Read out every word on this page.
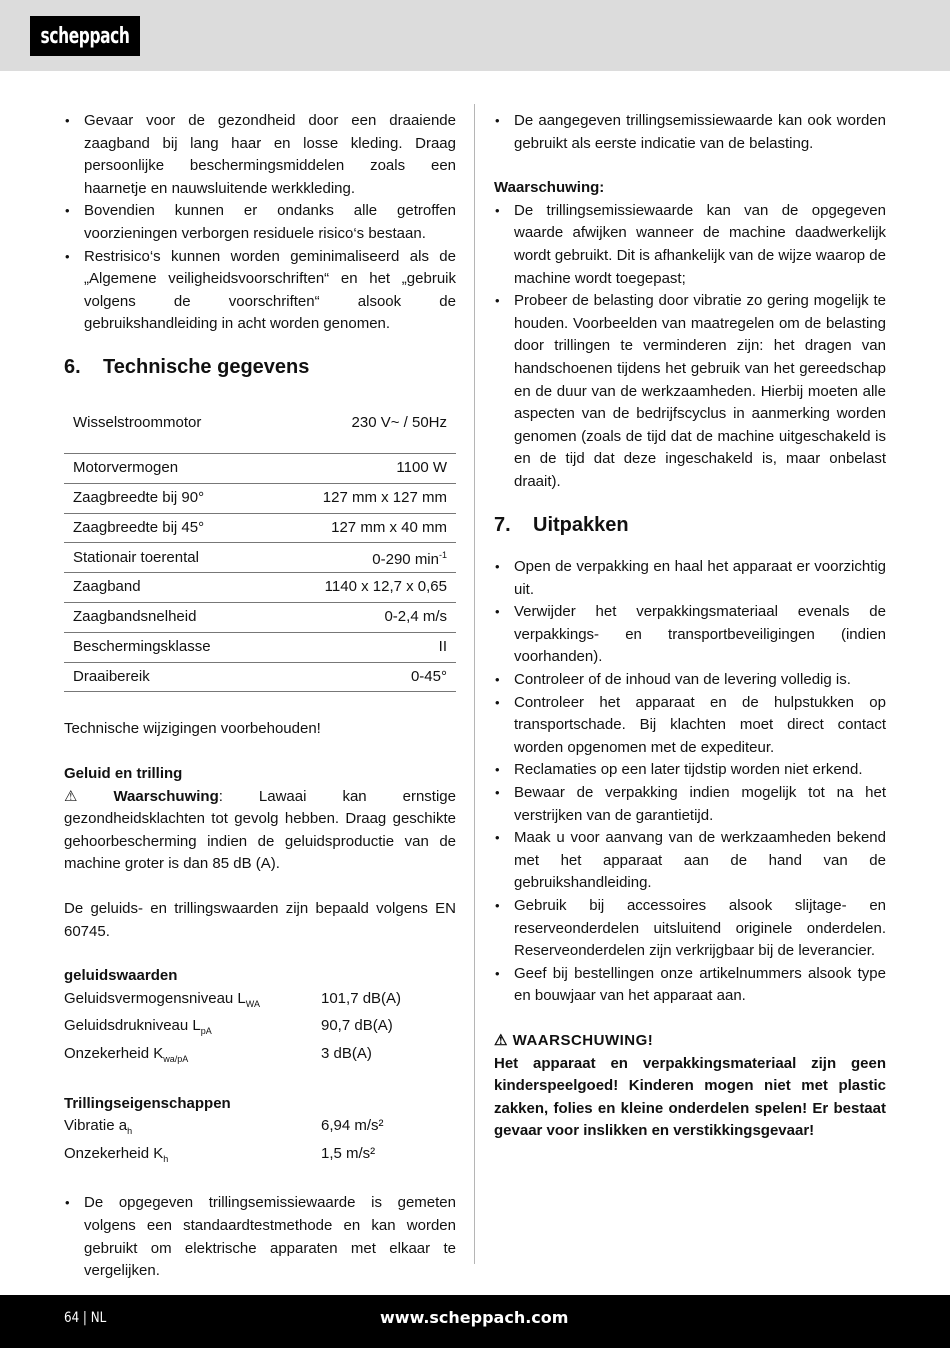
scheppach
• Gevaar voor de gezondheid door een draaiende zaagband bij lang haar en losse kleding. Draag persoonlijke beschermingsmiddelen zoals een haarnetje en nauwsluitende werkkleding.
• Bovendien kunnen er ondanks alle getroffen voorzieningen verborgen residuele risico‘s bestaan.
• Restrisico‘s kunnen worden geminimaliseerd als de „Algemene veiligheidsvoorschriften“ en het „gebruik volgens de voorschriften“ alsook de gebruikshandleiding in acht worden genomen.
6.	Technische gegevens
Wisselstroommotor	230 V~ / 50Hz
Motorvermogen	1100 W
Zaagbreedte bij 90°	127 mm x 127 mm
Zaagbreedte bij 45°	127 mm x 40 mm
Stationair toerental	0-290 $\min^{-1}$
Zaagband	1140 x 12,7 x 0,65
Zaagbandsnelheid	0-2,4 m/s
Beschermingsklasse	II
Draaibereik	0-45°

Technische wijzigingen voorbehouden!

Geluid en trilling

⚠ Waarschuwing: Lawaai kan ernstige gezondheidsklachten tot gevolg hebben. Draag geschikte gehoorbescherming indien de geluidsproductie van de machine groter is dan 85 dB (A).

De geluids- en trillingswaarden zijn bepaald volgens EN 60745.

geluidswaarden

Geluidsvermogensniveau $L_{WA}$	101,7 dB(A)
Geluidsdrukniveau $L_{pA}$	90,7 dB(A)
Onzekerheid $K_{wa/pA}$	3 dB(A)

Trillingseigenschappen

Vibratie $a_h$	6,94 m/s²
Onzekerheid $K_h$	1,5 m/s²
• De opgegeven trillingsemissiewaarde is gemeten volgens een standaardtestmethode en kan worden gebruikt om elektrische apparaten met elkaar te vergelijken.
• De aangegeven trillingsemissiewaarde kan ook worden gebruikt als eerste indicatie van de belasting.

Waarschuwing:

• De trillingsemissiewaarde kan van de opgegeven waarde afwijken wanneer de machine daadwerkelijk wordt gebruikt. Dit is afhankelijk van de wijze waarop de machine wordt toegepast;
• Probeer de belasting door vibratie zo gering mogelijk te houden. Voorbeelden van maatregelen om de belasting door trillingen te verminderen zijn: het dragen van handschoenen tijdens het gebruik van het gereedschap en de duur van de werkzaamheden. Hierbij moeten alle aspecten van de bedrijfscyclus in aanmerking worden genomen (zoals de tijd dat de machine uitgeschakeld is en de tijd dat deze ingeschakeld is, maar onbelast draait).
7.	Uitpakken
• Open de verpakking en haal het apparaat er voorzichtig uit.
• Verwijder het verpakkingsmateriaal evenals de verpakkings- en transportbeveiligingen (indien voorhanden).
• Controleer of de inhoud van de levering volledig is.
• Controleer het apparaat en de hulpstukken op transportschade. Bij klachten moet direct contact worden opgenomen met de expediteur.
• Reclamaties op een later tijdstip worden niet erkend.
• Bewaar de verpakking indien mogelijk tot na het verstrijken van de garantietijd.
• Maak u voor aanvang van de werkzaamheden bekend met het apparaat aan de hand van de gebruikshandleiding.
• Gebruik bij accessoires alsook slijtage- en reserveonderdelen uitsluitend originele onderdelen. Reserveonderdelen zijn verkrijgbaar bij de leverancier.
• Geef bij bestellingen onze artikelnummers alsook type en bouwjaar van het apparaat aan.

⚠ WAARSCHUWING!

Het apparaat en verpakkingsmateriaal zijn geen kinderspeelgoed! Kinderen mogen niet met plastic zakken, folies en kleine onderdelen spelen! Er bestaat gevaar voor inslikken en verstikkingsgevaar!

64 | NL	www.scheppach.com
